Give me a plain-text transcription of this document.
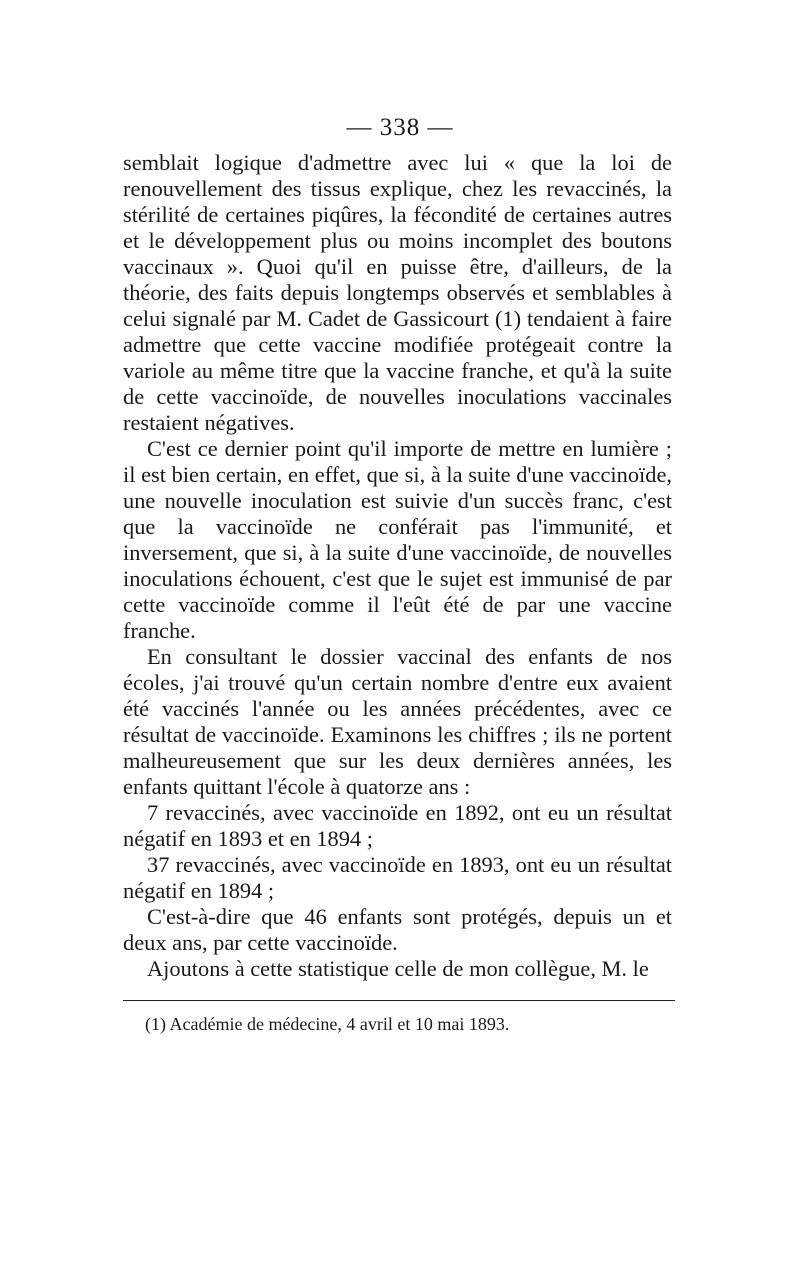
— 338 —

semblait logique d'admettre avec lui « que la loi de renouvellement des tissus explique, chez les revaccinés, la stérilité de certaines piqûres, la fécondité de certaines autres et le développement plus ou moins incomplet des boutons vaccinaux ». Quoi qu'il en puisse être, d'ailleurs, de la théorie, des faits depuis longtemps observés et semblables à celui signalé par M. Cadet de Gassicourt (1) tendaient à faire admettre que cette vaccine modifiée protégeait contre la variole au même titre que la vaccine franche, et qu'à la suite de cette vaccinoïde, de nouvelles inoculations vaccinales restaient négatives.

C'est ce dernier point qu'il importe de mettre en lumière ; il est bien certain, en effet, que si, à la suite d'une vaccinoïde, une nouvelle inoculation est suivie d'un succès franc, c'est que la vaccinoïde ne conférait pas l'immunité, et inversement, que si, à la suite d'une vaccinoïde, de nouvelles inoculations échouent, c'est que le sujet est immunisé de par cette vaccinoïde comme il l'eût été de par une vaccine franche.

En consultant le dossier vaccinal des enfants de nos écoles, j'ai trouvé qu'un certain nombre d'entre eux avaient été vaccinés l'année ou les années précédentes, avec ce résultat de vaccinoïde. Examinons les chiffres ; ils ne portent malheureusement que sur les deux dernières années, les enfants quittant l'école à quatorze ans :

7 revaccinés, avec vaccinoïde en 1892, ont eu un résultat négatif en 1893 et en 1894 ;

37 revaccinés, avec vaccinoïde en 1893, ont eu un résultat négatif en 1894 ;

C'est-à-dire que 46 enfants sont protégés, depuis un et deux ans, par cette vaccinoïde.

Ajoutons à cette statistique celle de mon collègue, M. le

(1) Académie de médecine, 4 avril et 10 mai 1893.
